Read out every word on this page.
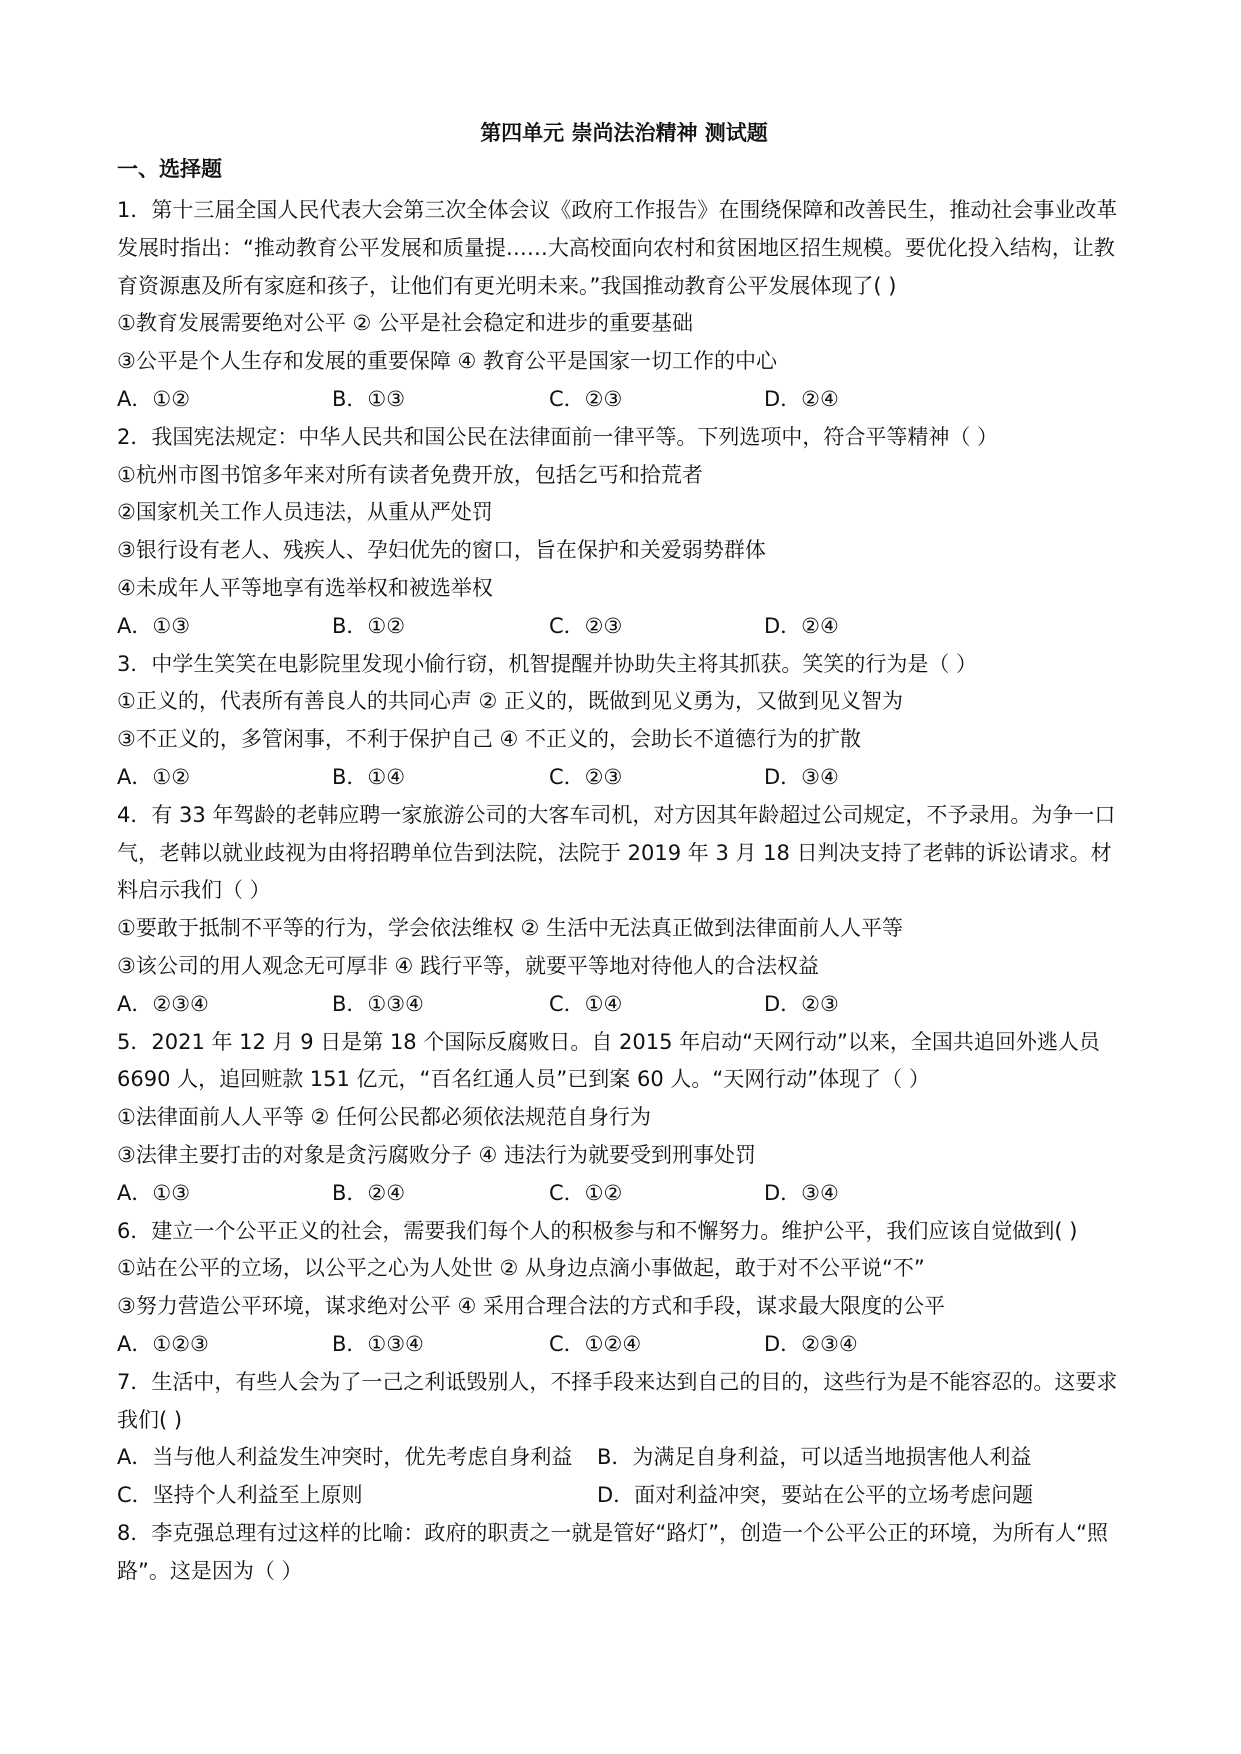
第四单元 崇尚法治精神 测试题
一、选择题
1．第十三届全国人民代表大会第三次全体会议《政府工作报告》在围绕保障和改善民生，推动社会事业改革发展时指出：“推动教育公平发展和质量提……大高校面向农村和贫困地区招生规模。要优化投入结构，让教育资源惠及所有家庭和孩子，让他们有更光明未来。”我国推动教育公平发展体现了( )
①教育发展需要绝对公平 ② 公平是社会稳定和进步的重要基础
③公平是个人生存和发展的重要保障 ④ 教育公平是国家一切工作的中心
A．①②	B．①③	C．②③	D．②④
2．我国宪法规定：中华人民共和国公民在法律面前一律平等。下列选项中，符合平等精神（ ）
①杭州市图书馆多年来对所有读者免费开放，包括乞丐和拾荒者
②国家机关工作人员违法，从重从严处罚
③银行设有老人、残疾人、孕妇优先的窗口，旨在保护和关爱弱势群体
④未成年人平等地享有选举权和被选举权
A．①③	B．①②	C．②③	D．②④
3．中学生笑笑在电影院里发现小偷行窃，机智提醒并协助失主将其抓获。笑笑的行为是（ ）
①正义的，代表所有善良人的共同心声 ② 正义的，既做到见义勇为，又做到见义智为
③不正义的，多管闲事，不利于保护自己 ④ 不正义的，会助长不道德行为的扩散
A．①②	B．①④	C．②③	D．③④
4．有 33 年驾龄的老韩应聘一家旅游公司的大客车司机，对方因其年龄超过公司规定，不予录用。为争一口气，老韩以就业歧视为由将招聘单位告到法院，法院于 2019 年 3 月 18 日判决支持了老韩的诉讼请求。材料启示我们（ ）
①要敢于抵制不平等的行为，学会依法维权 ② 生活中无法真正做到法律面前人人平等
③该公司的用人观念无可厚非 ④ 践行平等，就要平等地对待他人的合法权益
A．②③④	B．①③④	C．①④	D．②③
5．2021 年 12 月 9 日是第 18 个国际反腐败日。自 2015 年启动“天网行动”以来，全国共追回外逃人员 6690 人，追回赃款 151 亿元，“百名红通人员”已到案 60 人。“天网行动”体现了（ ）
①法律面前人人平等 ② 任何公民都必须依法规范自身行为
③法律主要打击的对象是贪污腐败分子 ④ 违法行为就要受到刑事处罚
A．①③	B．②④	C．①②	D．③④
6．建立一个公平正义的社会，需要我们每个人的积极参与和不懈努力。维护公平，我们应该自觉做到( )
①站在公平的立场，以公平之心为人处世 ② 从身边点滴小事做起，敢于对不公平说“不”
③努力营造公平环境，谋求绝对公平 ④ 采用合理合法的方式和手段，谋求最大限度的公平
A．①②③	B．①③④	C．①②④	D．②③④
7．生活中，有些人会为了一己之利诋毁别人，不择手段来达到自己的目的，这些行为是不能容忍的。这要求我们( )
A．当与他人利益发生冲突时，优先考虑自身利益 B．为满足自身利益，可以适当地损害他人利益
C．坚持个人利益至上原则	D．面对利益冲突，要站在公平的立场考虑问题
8．李克强总理有过这样的比喻：政府的职责之一就是管好“路灯”，创造一个公平公正的环境，为所有人“照路”。这是因为（ ）
